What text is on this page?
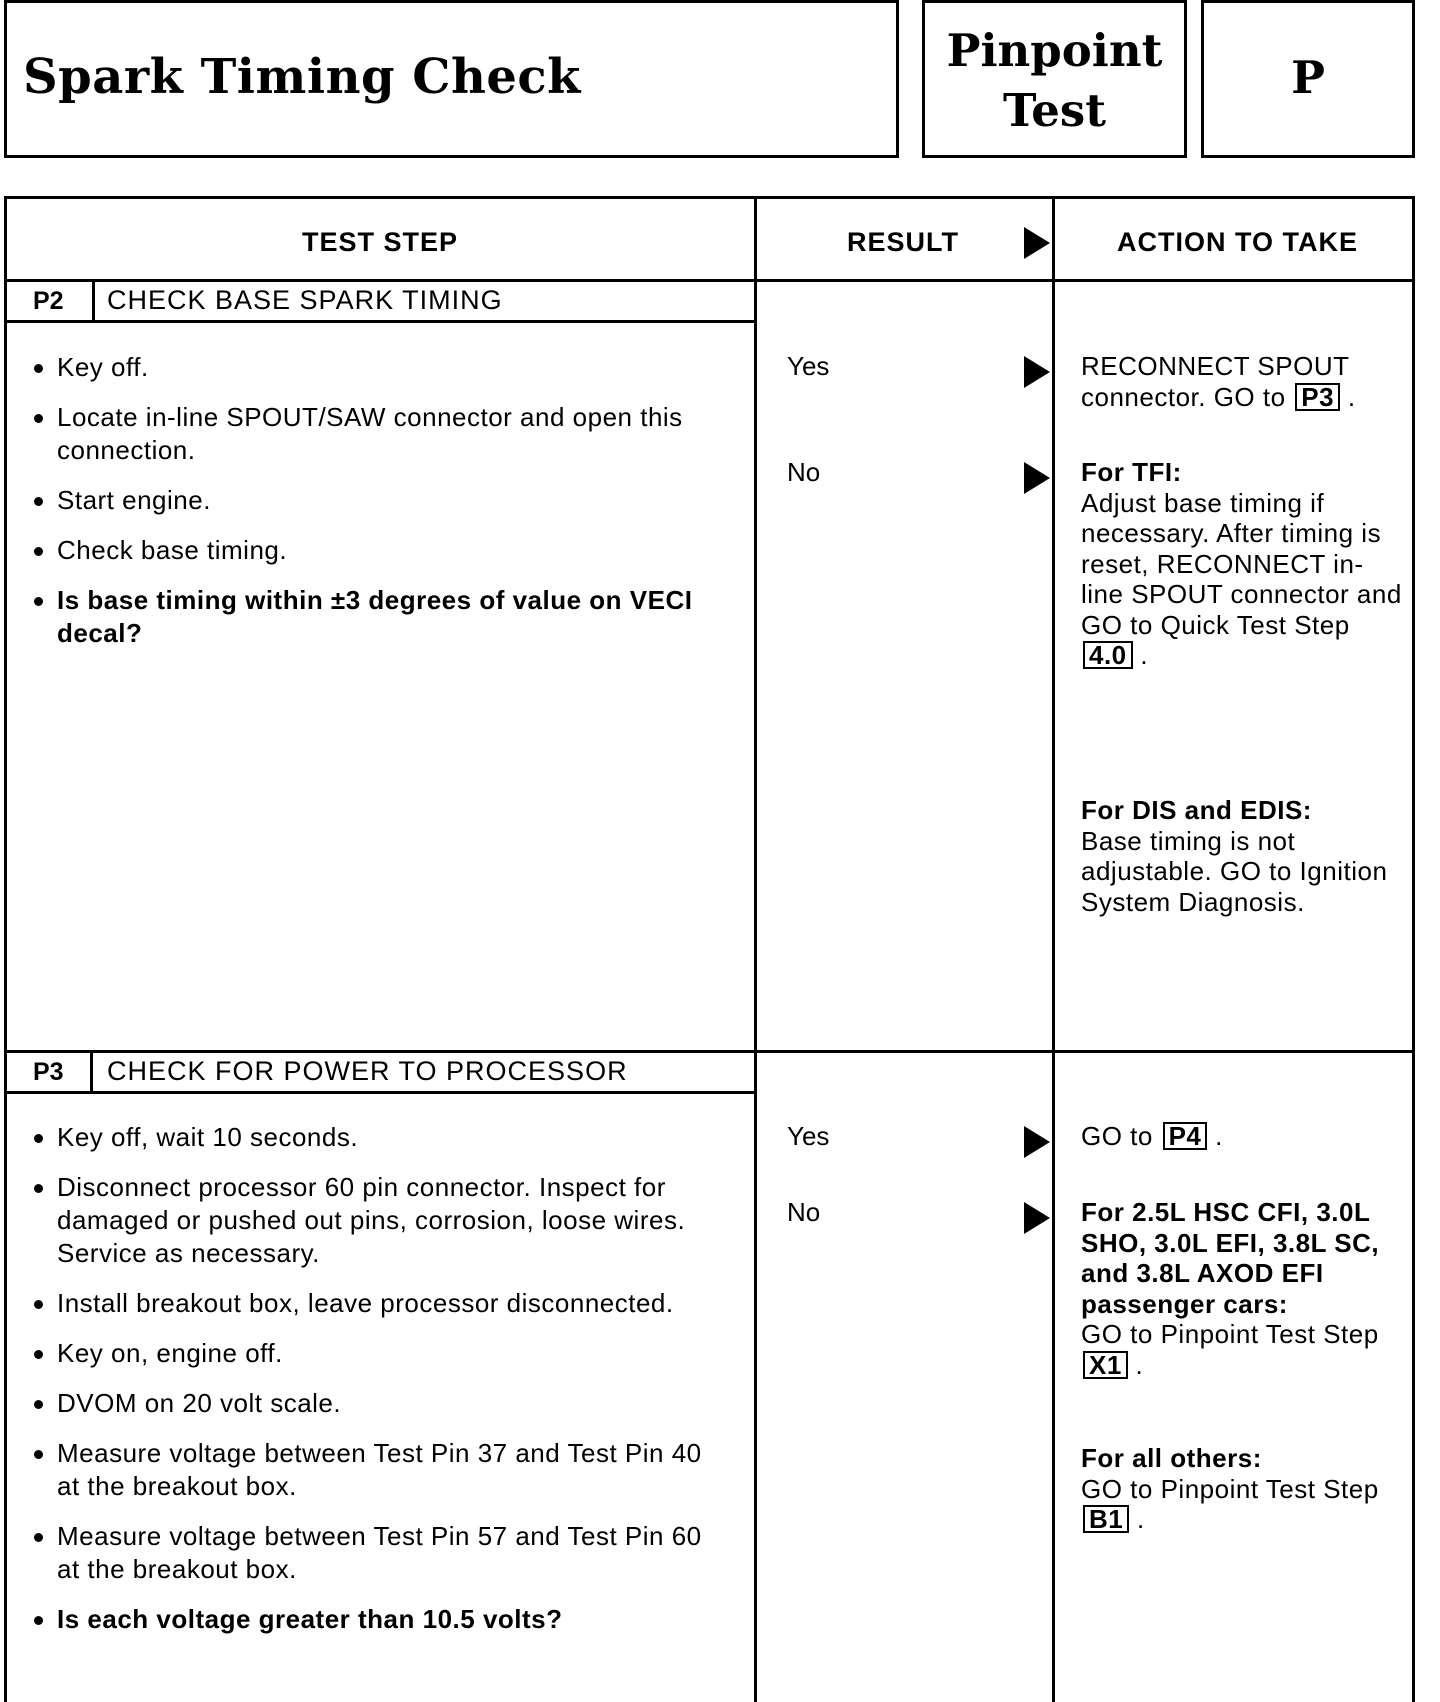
Spark Timing Check	Pinpoint
Test
P
TEST STEP	RESULT	ACTION TO TAKE
P2 CHECK BASE SPARK TIMING
Key off.
Locate in-line SPOUT/SAW connector and open this connection.
Start engine.
Check base timing.
Is base timing within ±3 degrees of value on VECI decal?
Yes	RECONNECT SPOUT connector. GO to P3 .
No	For TFI:
Adjust base timing if necessary. After timing is reset, RECONNECT in-line SPOUT connector and GO to Quick Test Step 4.0 .
For DIS and EDIS:
Base timing is not adjustable. GO to Ignition System Diagnosis.
P3 CHECK FOR POWER TO PROCESSOR
Key off, wait 10 seconds.
Disconnect processor 60 pin connector. Inspect for damaged or pushed out pins, corrosion, loose wires. Service as necessary.
Install breakout box, leave processor disconnected.
Key on, engine off.
DVOM on 20 volt scale.
Measure voltage between Test Pin 37 and Test Pin 40 at the breakout box.
Measure voltage between Test Pin 57 and Test Pin 60 at the breakout box.
Is each voltage greater than 10.5 volts?
Yes	GO to P4 .
No	For 2.5L HSC CFI, 3.0L SHO, 3.0L EFI, 3.8L SC, and 3.8L AXOD EFI passenger cars:
GO to Pinpoint Test Step X1 .
For all others:
GO to Pinpoint Test Step B1 .
